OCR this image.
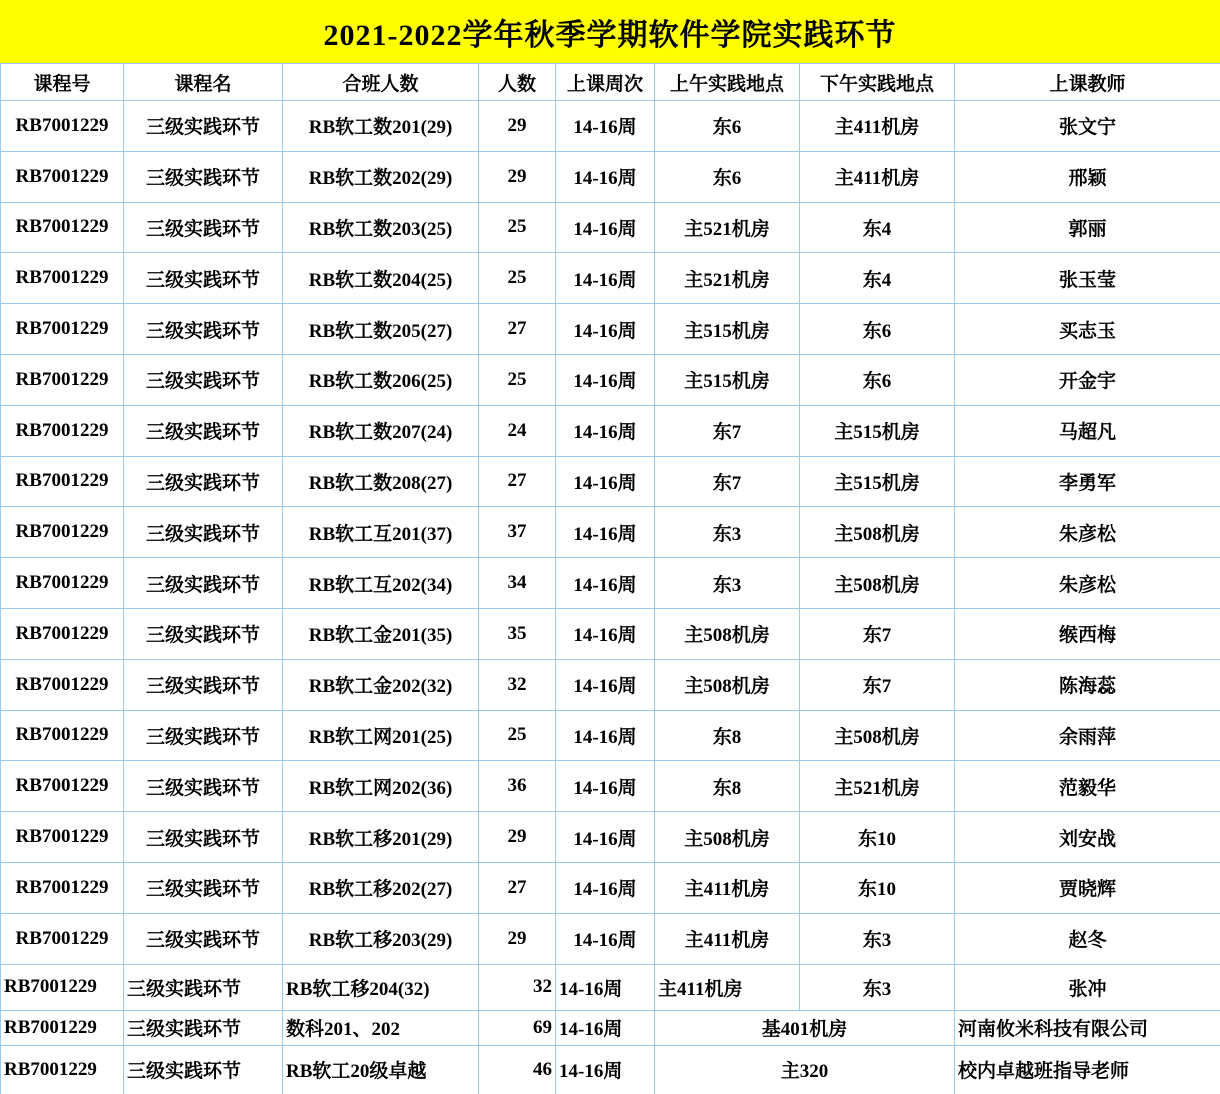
2021-2022学年秋季学期软件学院实践环节
课程号	课程名	合班人数	人数	上课周次	上午实践地点	下午实践地点	上课教师
RB7001229	三级实践环节	RB软工数201(29)	29	14-16周	东6	主411机房	张文宁
RB7001229	三级实践环节	RB软工数202(29)	29	14-16周	东6	主411机房	邢颖
RB7001229	三级实践环节	RB软工数203(25)	25	14-16周	主521机房	东4	郭丽
RB7001229	三级实践环节	RB软工数204(25)	25	14-16周	主521机房	东4	张玉莹
RB7001229	三级实践环节	RB软工数205(27)	27	14-16周	主515机房	东6	买志玉
RB7001229	三级实践环节	RB软工数206(25)	25	14-16周	主515机房	东6	开金宇
RB7001229	三级实践环节	RB软工数207(24)	24	14-16周	东7	主515机房	马超凡
RB7001229	三级实践环节	RB软工数208(27)	27	14-16周	东7	主515机房	李勇军
RB7001229	三级实践环节	RB软工互201(37)	37	14-16周	东3	主508机房	朱彦松
RB7001229	三级实践环节	RB软工互202(34)	34	14-16周	东3	主508机房	朱彦松
RB7001229	三级实践环节	RB软工金201(35)	35	14-16周	主508机房	东7	缑西梅
RB7001229	三级实践环节	RB软工金202(32)	32	14-16周	主508机房	东7	陈海蕊
RB7001229	三级实践环节	RB软工网201(25)	25	14-16周	东8	主508机房	余雨萍
RB7001229	三级实践环节	RB软工网202(36)	36	14-16周	东8	主521机房	范毅华
RB7001229	三级实践环节	RB软工移201(29)	29	14-16周	主508机房	东10	刘安战
RB7001229	三级实践环节	RB软工移202(27)	27	14-16周	主411机房	东10	贾晓辉
RB7001229	三级实践环节	RB软工移203(29)	29	14-16周	主411机房	东3	赵冬
RB7001229	三级实践环节	RB软工移204(32)	32	14-16周	主411机房	东3	张冲
RB7001229	三级实践环节	数科201、202	69	14-16周	基401机房		河南攸米科技有限公司
RB7001229	三级实践环节	RB软工20级卓越	46	14-16周	主320		校内卓越班指导老师
